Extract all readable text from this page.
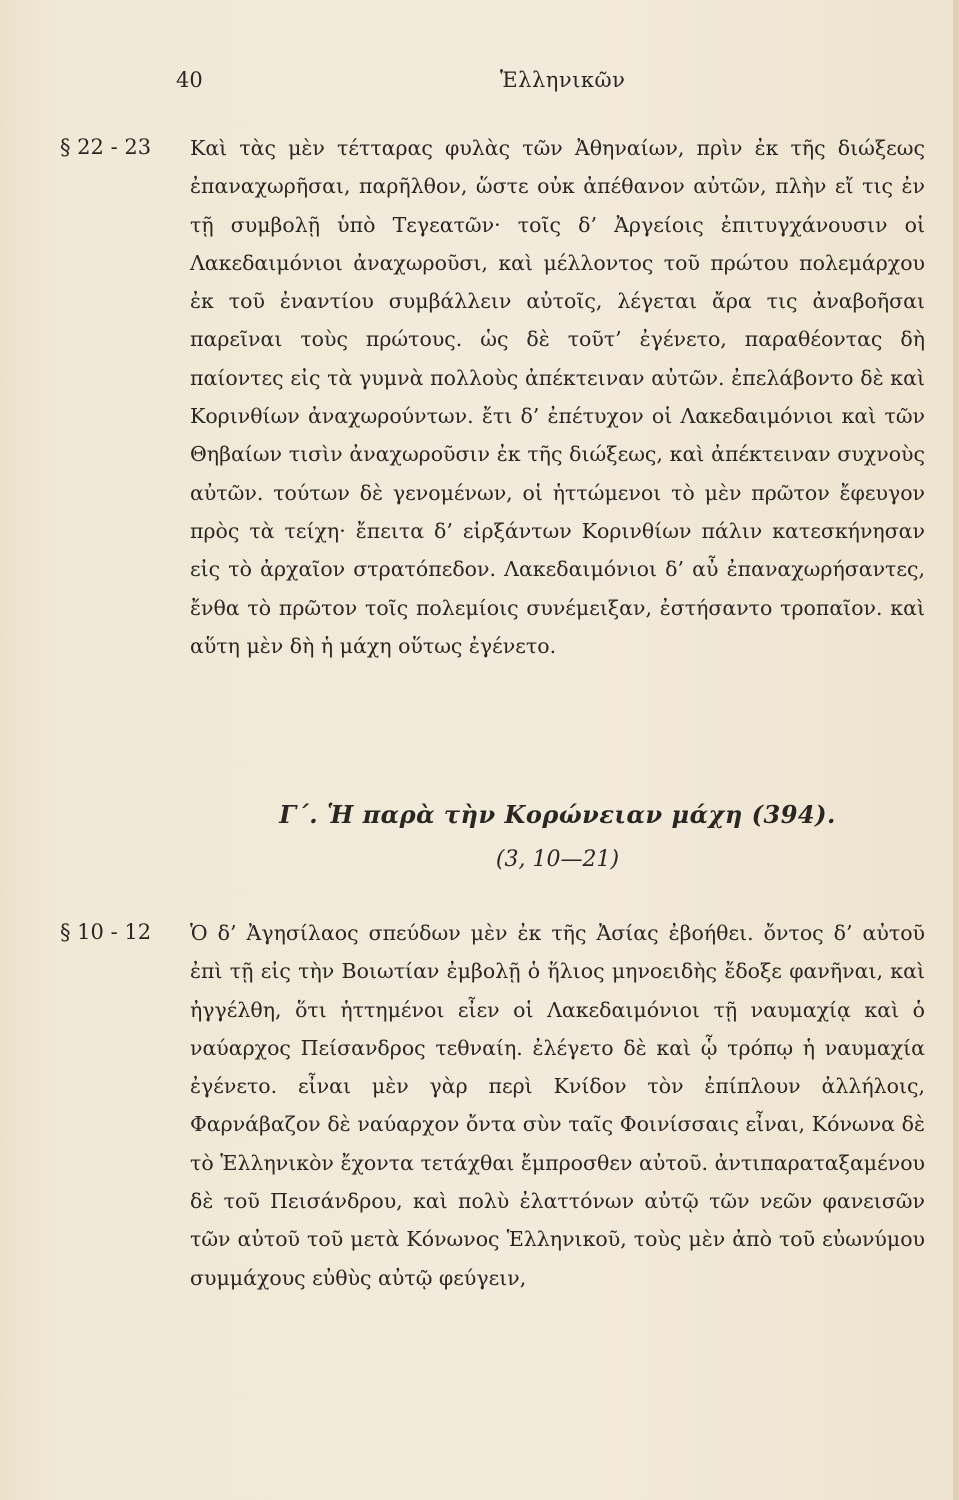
40	Ἑλληνικῶν
§ 22 - 23 Καὶ τὰς μὲν τέτταρας φυλὰς τῶν Ἀθηναίων, πρὶν ἐκ τῆς διώξεως ἐπαναχωρῆσαι, παρῆλθον, ὥστε οὐκ ἀπέθανον αὐτῶν, πλὴν εἴ τις ἐν τῇ συμβολῇ ὑπὸ Τεγεατῶν· τοῖς δ’ Ἀργείοις ἐπιτυγχάνουσιν οἱ Λακεδαιμόνιοι ἀναχωροῦσι, καὶ μέλλοντος τοῦ πρώτου πολεμάρχου ἐκ τοῦ ἐναντίου συμβάλλειν αὐτοῖς, λέγεται ἄρα τις ἀναβοῆσαι παρεῖναι τοὺς πρώτους. ὡς δὲ τοῦτ’ ἐγένετο, παραθέοντας δὴ παίοντες εἰς τὰ γυμνὰ πολλοὺς ἀπέκτειναν αὐτῶν. ἐπελάβοντο δὲ καὶ Κορινθίων ἀναχωρούντων. ἔτι δ’ ἐπέτυχον οἱ Λακεδαιμόνιοι καὶ τῶν Θηβαίων τισὶν ἀναχωροῦσιν ἐκ τῆς διώξεως, καὶ ἀπέκτειναν συχνοὺς αὐτῶν. τούτων δὲ γενομένων, οἱ ἡττώμενοι τὸ μὲν πρῶτον ἔφευγον πρὸς τὰ τείχη· ἔπειτα δ’ εἰρξάντων Κορινθίων πάλιν κατεσκήνησαν εἰς τὸ ἀρχαῖον στρατόπεδον. Λακεδαιμόνιοι δ’ αὖ ἐπαναχωρήσαντες, ἔνθα τὸ πρῶτον τοῖς πολεμίοις συνέμειξαν, ἐστήσαντο τροπαῖον. καὶ αὕτη μὲν δὴ ἡ μάχη οὕτως ἐγένετο.

Γ΄. Ἡ παρὰ τὴν Κορώνειαν μάχη (394).
(3, 10—21)
§ 10 - 12 Ὁ δ’ Ἀγησίλαος σπεύδων μὲν ἐκ τῆς Ἀσίας ἐβοήθει. ὄντος δ’ αὐτοῦ ἐπὶ τῇ εἰς τὴν Βοιωτίαν ἐμβολῇ ὁ ἥλιος μηνοειδὴς ἔδοξε φανῆναι, καὶ ἠγγέλθη, ὅτι ἡττημένοι εἶεν οἱ Λακεδαιμόνιοι τῇ ναυμαχίᾳ καὶ ὁ ναύαρχος Πείσανδρος τεθναίη. ἐλέγετο δὲ καὶ ᾧ τρόπῳ ἡ ναυμαχία ἐγένετο. εἶναι μὲν γὰρ περὶ Κνίδον τὸν ἐπίπλουν ἀλλήλοις, Φαρνάβαζον δὲ ναύαρχον ὄντα σὺν ταῖς Φοινίσσαις εἶναι, Κόνωνα δὲ τὸ Ἑλληνικὸν ἔχοντα τετάχθαι ἔμπροσθεν αὐτοῦ. ἀντιπαραταξαμένου δὲ τοῦ Πεισάνδρου, καὶ πολὺ ἐλαττόνων αὐτῷ τῶν νεῶν φανεισῶν τῶν αὐτοῦ τοῦ μετὰ Κόνωνος Ἑλληνικοῦ, τοὺς μὲν ἀπὸ τοῦ εὐωνύμου συμμάχους εὐθὺς αὐτῷ φεύγειν,
